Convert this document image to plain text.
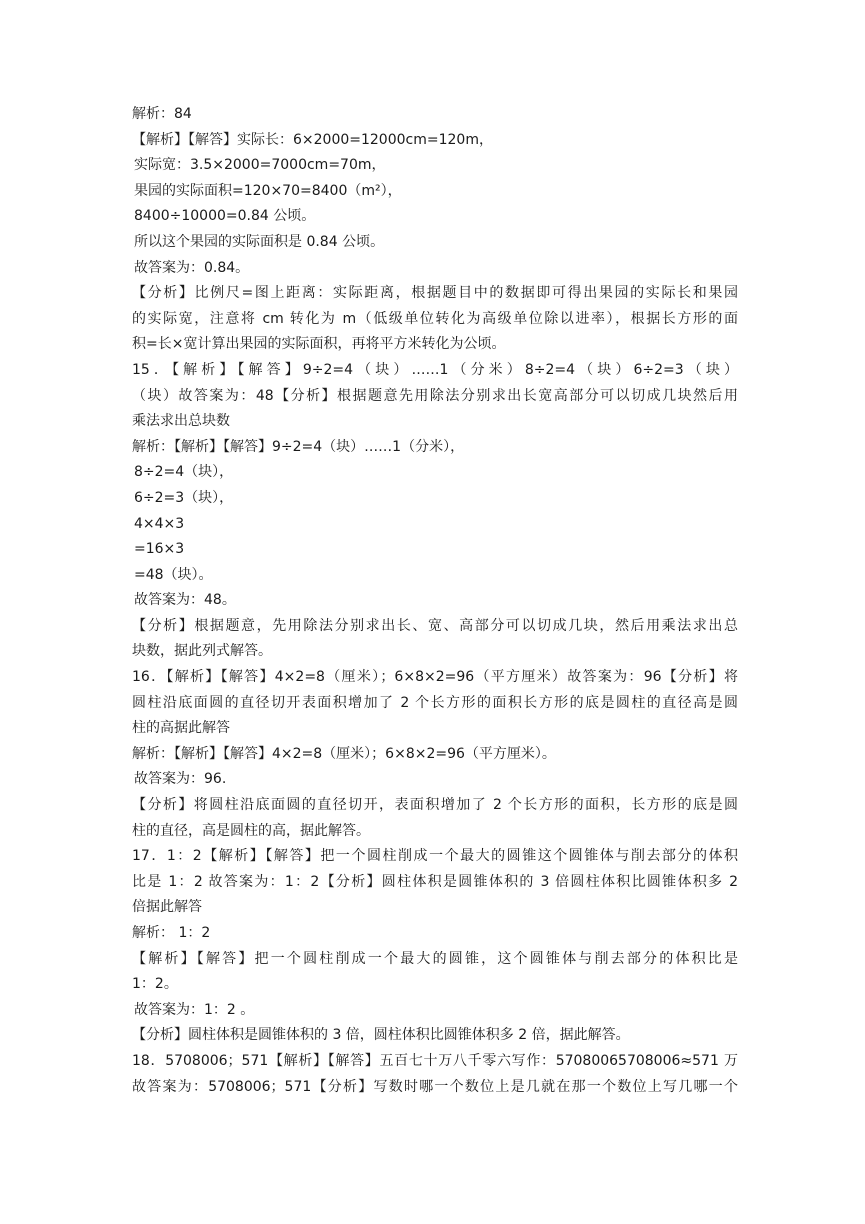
解析：84
【解析】【解答】实际长：6×2000=12000cm=120m，
实际宽：3.5×2000=7000cm=70m，
果园的实际面积=120×70=8400（m²），
8400÷10000=0.84 公顷。
所以这个果园的实际面积是 0.84 公顷。
故答案为：0.84。
【分析】比例尺=图上距离：实际距离，根据题目中的数据即可得出果园的实际长和果园
的实际宽，注意将 cm 转化为 m（低级单位转化为高级单位除以进率），根据长方形的面
积=长×宽计算出果园的实际面积，再将平方米转化为公顷。
15．【解析】【解答】9÷2=4（块）……1（分米）8÷2=4（块）6÷2=3（块）
（块）故答案为：48【分析】根据题意先用除法分别求出长宽高部分可以切成几块然后用
乘法求出总块数
解析：【解析】【解答】9÷2=4（块）……1（分米），
8÷2=4（块），
6÷2=3（块），
4×4×3
=16×3
=48（块）。
故答案为：48。
【分析】根据题意，先用除法分别求出长、宽、高部分可以切成几块，然后用乘法求出总
块数，据此列式解答。
16．【解析】【解答】4×2=8（厘米）；6×8×2=96（平方厘米）故答案为：96【分析】将
圆柱沿底面圆的直径切开表面积增加了 2 个长方形的面积长方形的底是圆柱的直径高是圆
柱的高据此解答
解析：【解析】【解答】4×2=8（厘米）；6×8×2=96（平方厘米）。
故答案为：96.
【分析】将圆柱沿底面圆的直径切开，表面积增加了 2 个长方形的面积，长方形的底是圆
柱的直径，高是圆柱的高，据此解答。
17．1：2【解析】【解答】把一个圆柱削成一个最大的圆锥这个圆锥体与削去部分的体积
比是 1：2 故答案为：1：2【分析】圆柱体积是圆锥体积的 3 倍圆柱体积比圆锥体积多 2
倍据此解答
解析： 1：2
【解析】【解答】把一个圆柱削成一个最大的圆锥，这个圆锥体与削去部分的体积比是
1：2。
故答案为：1：2 。
【分析】圆柱体积是圆锥体积的 3 倍，圆柱体积比圆锥体积多 2 倍，据此解答。
18．5708006；571【解析】【解答】五百七十万八千零六写作：57080065708006≈571 万
故答案为：5708006；571【分析】写数时哪一个数位上是几就在那一个数位上写几哪一个
